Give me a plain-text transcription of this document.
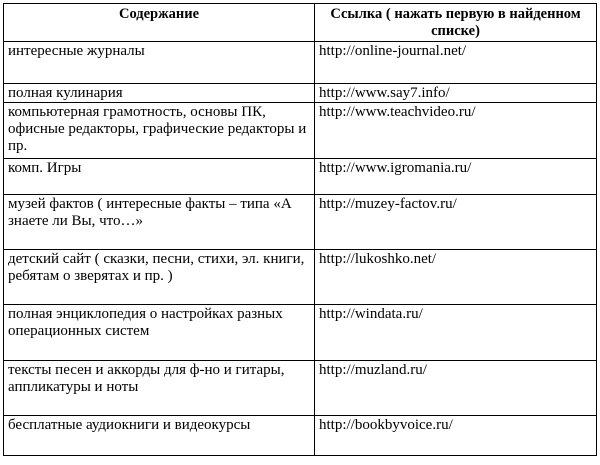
Содержание	Ссылка ( нажать первую в найденном списке)
интересные журналы	http://online-journal.net/
полная кулинария	http://www.say7.info/
компьютерная грамотность, основы ПК, офисные редакторы, графические редакторы и пр.	http://www.teachvideo.ru/
комп. Игры	http://www.igromania.ru/
музей фактов ( интересные факты – типа «А знаете ли Вы, что…»	http://muzey-factov.ru/
детский сайт ( сказки, песни, стихи, эл. книги, ребятам о зверятах и пр. )	http://lukoshko.net/
полная энциклопедия о настройках разных операционных систем	http://windata.ru/
тексты песен и аккорды для ф-но и гитары, аппликатуры и ноты	http://muzland.ru/
бесплатные аудиокниги и видеокурсы	http://bookbyvoice.ru/
